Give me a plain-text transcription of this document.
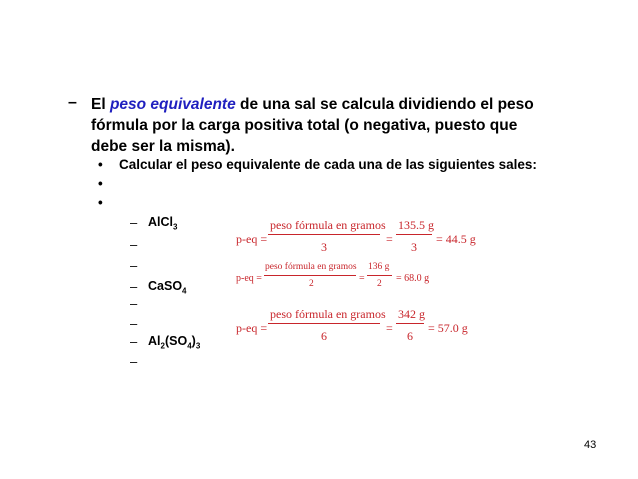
– El peso equivalente de una sal se calcula dividiendo el peso
fórmula por la carga positiva total (o negativa, puesto que
debe ser la misma).
• Calcular el peso equivalente de cada una de las siguientes sales:
•
•
– AlCl$_3$
–
–
– CaSO$_4$
–
–
– $Al_2(SO_4)_3$
–
p-eq =
peso fórmula en gramos
3
=
135.5 g
3
= 44.5 g
p-eq =
peso fórmula en gramos
2	=
136 g
2 = 68.0 g
p-eq =
peso fórmula en gramos
6
=
342 g
6
= 57.0 g
43
